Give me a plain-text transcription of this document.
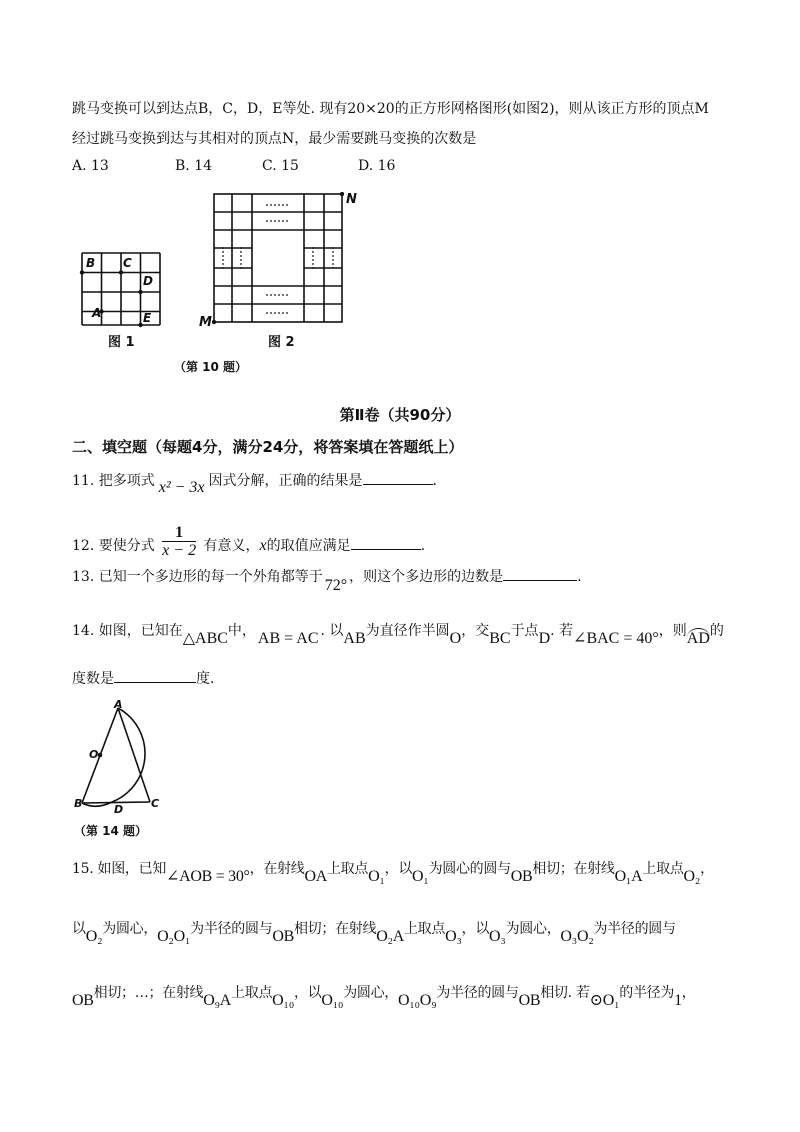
跳马变换可以到达点B，C，D，E等处. 现有20×20的正方形网格图形(如图2)，则从该正方形的顶点M
经过跳马变换到达与其相对的顶点N，最少需要跳马变换的次数是
A. 13	B. 14	C. 15	D. 16
B C
D
A	E
图 1
N
M
图 2
（第 10 题）
第Ⅱ卷（共90分）
二、填空题（每题4分，满分24分，将答案填在答题纸上）
11. 把多项式 x² − 3x 因式分解，正确的结果是	.
12. 要使分式 $\frac{1}{x - 2}$ 有意义，x的取值应满足	.
13. 已知一个多边形的每一个外角都等于 72° ，则这个多边形的边数是	.
14. 如图，已知在△ABC中， AB = AC . 以AB为直径作半圆O，交BC于点D. 若∠BAC = 40°，则AD的
度数是	度.
A
O
B	D	C
（第 14 题）
15. 如图，已知∠AOB = 30°，在射线OA上取点O₁，以O₁为圆心的圆与OB相切；在射线O₁A上取点O₂，
以O₂为圆心，O₂O₁为半径的圆与OB相切；在射线O₂A上取点O₃，以O₃为圆心，O₃O₂为半径的圆与
OB相切；…；在射线O₉A上取点O₁₀，以O₁₀为圆心，O₁₀O₉为半径的圆与OB相切. 若⊙O₁的半径为1，
